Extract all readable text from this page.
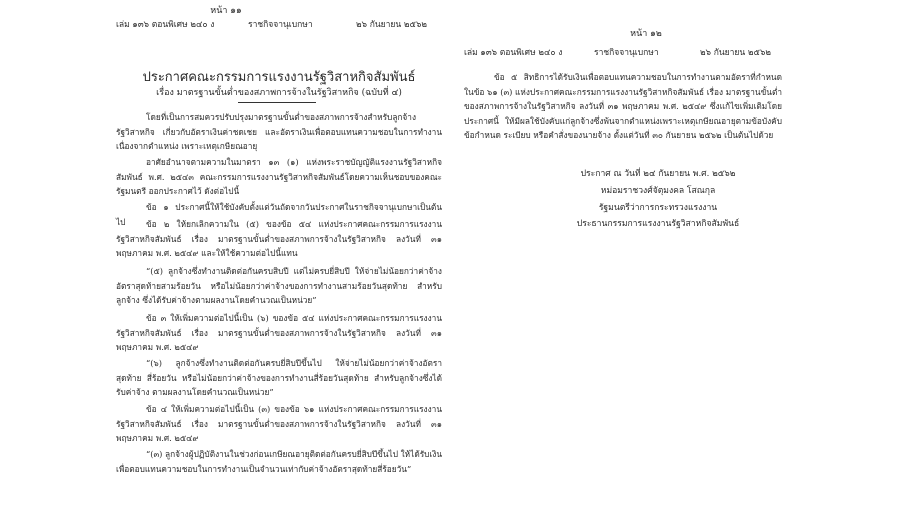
หน้า ๑๑
เล่ม ๑๓๖ ตอนพิเศษ ๒๔๐ ง	ราชกิจจานุเบกษา	๒๖ กันยายน ๒๕๖๒
ประกาศคณะกรรมการแรงงานรัฐวิสาหกิจสัมพันธ์
เรื่อง มาตรฐานขั้นต่ำของสภาพการจ้างในรัฐวิสาหกิจ (ฉบับที่ ๔)

โดยที่เป็นการสมควรปรับปรุงมาตรฐานขั้นต่ำของสภาพการจ้างสำหรับลูกจ้างรัฐวิสาหกิจ เกี่ยวกับอัตราเงินค่าชดเชย และอัตราเงินเพื่อตอบแทนความชอบในการทำงานเนื่องจากตำแหน่ง เพราะเหตุเกษียณอายุ

อาศัยอำนาจตามความในมาตรา ๑๓ (๑) แห่งพระราชบัญญัติแรงงานรัฐวิสาหกิจสัมพันธ์ พ.ศ. ๒๕๔๓ คณะกรรมการแรงงานรัฐวิสาหกิจสัมพันธ์โดยความเห็นชอบของคณะรัฐมนตรี ออกประกาศไว้ ดังต่อไปนี้

ข้อ ๑ ประกาศนี้ให้ใช้บังคับตั้งแต่วันถัดจากวันประกาศในราชกิจจานุเบกษาเป็นต้นไป	ข้อ ๒ ให้ยกเลิกความใน (๕) ของข้อ ๕๔ แห่งประกาศคณะกรรมการแรงงาน รัฐวิสาหกิจสัมพันธ์ เรื่อง มาตรฐานขั้นต่ำของสภาพการจ้างในรัฐวิสาหกิจ ลงวันที่ ๓๑ พฤษภาคม พ.ศ. ๒๕๔๙ และให้ใช้ความต่อไปนี้แทน

“(๕) ลูกจ้างซึ่งทำงานติดต่อกันครบสิบปี แต่ไม่ครบยี่สิบปี ให้จ่ายไม่น้อยกว่าค่าจ้าง อัตราสุดท้ายสามร้อยวัน หรือไม่น้อยกว่าค่าจ้างของการทำงานสามร้อยวันสุดท้าย สำหรับลูกจ้าง ซึ่งได้รับค่าจ้างตามผลงานโดยคำนวณเป็นหน่วย”

ข้อ ๓ ให้เพิ่มความต่อไปนี้เป็น (๖) ของข้อ ๕๔ แห่งประกาศคณะกรรมการแรงงาน รัฐวิสาหกิจสัมพันธ์ เรื่อง มาตรฐานขั้นต่ำของสภาพการจ้างในรัฐวิสาหกิจ ลงวันที่ ๓๑ พฤษภาคม พ.ศ. ๒๕๔๙

“(๖) ลูกจ้างซึ่งทำงานติดต่อกันครบยี่สิบปีขึ้นไป ให้จ่ายไม่น้อยกว่าค่าจ้างอัตราสุดท้าย สี่ร้อยวัน หรือไม่น้อยกว่าค่าจ้างของการทำงานสี่ร้อยวันสุดท้าย สำหรับลูกจ้างซึ่งได้รับค่าจ้าง ตามผลงานโดยคำนวณเป็นหน่วย”

ข้อ ๔ ให้เพิ่มความต่อไปนี้เป็น (๓) ของข้อ ๖๑ แห่งประกาศคณะกรรมการแรงงาน รัฐวิสาหกิจสัมพันธ์ เรื่อง มาตรฐานขั้นต่ำของสภาพการจ้างในรัฐวิสาหกิจ ลงวันที่ ๓๑ พฤษภาคม พ.ศ. ๒๕๔๙

“(๓) ลูกจ้างผู้ปฏิบัติงานในช่วงก่อนเกษียณอายุติดต่อกันครบยี่สิบปีขึ้นไป ให้ได้รับเงิน เพื่อตอบแทนความชอบในการทำงานเป็นจำนวนเท่ากับค่าจ้างอัตราสุดท้ายสี่ร้อยวัน”

หน้า ๑๒
เล่ม ๑๓๖ ตอนพิเศษ ๒๔๐ ง	ราชกิจจานุเบกษา	๒๖ กันยายน ๒๕๖๒

ข้อ ๕ สิทธิการได้รับเงินเพื่อตอบแทนความชอบในการทำงานตามอัตราที่กำหนด ในข้อ ๖๑ (๓) แห่งประกาศคณะกรรมการแรงงานรัฐวิสาหกิจสัมพันธ์ เรื่อง มาตรฐานขั้นต่ำ ของสภาพการจ้างในรัฐวิสาหกิจ ลงวันที่ ๓๑ พฤษภาคม พ.ศ. ๒๕๔๙ ซึ่งแก้ไขเพิ่มเติมโดยประกาศนี้ ให้มีผลใช้บังคับแก่ลูกจ้างซึ่งพ้นจากตำแหน่งเพราะเหตุเกษียณอายุตามข้อบังคับ ข้อกำหนด ระเบียบ หรือคำสั่งของนายจ้าง ตั้งแต่วันที่ ๓๐ กันยายน ๒๕๖๒ เป็นต้นไปด้วย

ประกาศ ณ วันที่ ๒๔ กันยายน พ.ศ. ๒๕๖๒
หม่อมราชวงศ์จัตุมงคล โสณกุล
รัฐมนตรีว่าการกระทรวงแรงงาน
ประธานกรรมการแรงงานรัฐวิสาหกิจสัมพันธ์
